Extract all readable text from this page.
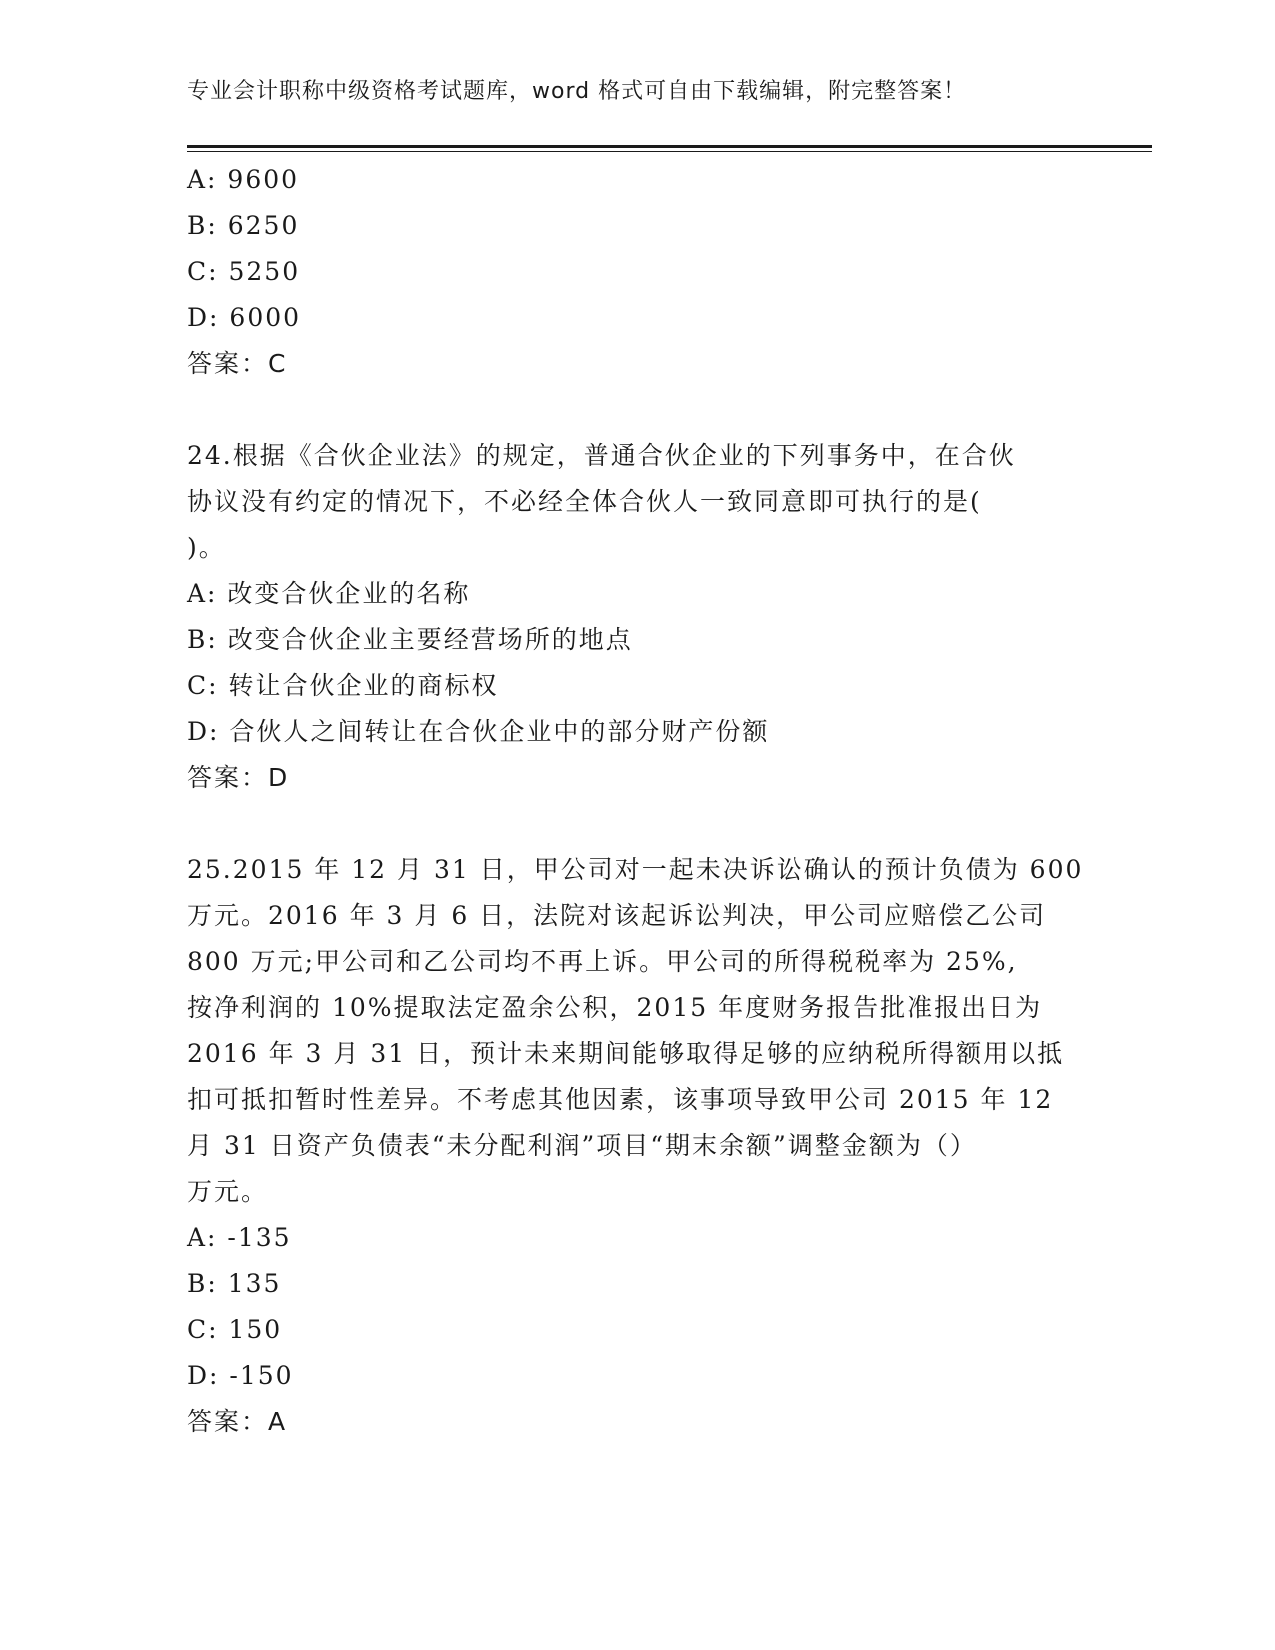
专业会计职称中级资格考试题库，word 格式可自由下载编辑，附完整答案！
A: 9600
B: 6250
C: 5250
D: 6000
答案：C
24.根据《合伙企业法》的规定，普通合伙企业的下列事务中，在合伙
协议没有约定的情况下，不必经全体合伙人一致同意即可执行的是(
)。
A: 改变合伙企业的名称
B: 改变合伙企业主要经营场所的地点
C: 转让合伙企业的商标权
D: 合伙人之间转让在合伙企业中的部分财产份额
答案：D
25.2015 年 12 月 31 日，甲公司对一起未决诉讼确认的预计负债为 600
万元。2016 年 3 月 6 日，法院对该起诉讼判决，甲公司应赔偿乙公司
800 万元;甲公司和乙公司均不再上诉。甲公司的所得税税率为 25%,
按净利润的 10%提取法定盈余公积，2015 年度财务报告批准报出日为
2016 年 3 月 31 日，预计未来期间能够取得足够的应纳税所得额用以抵
扣可抵扣暂时性差异。不考虑其他因素，该事项导致甲公司 2015 年 12
月 31 日资产负债表“未分配利润”项目“期末余额”调整金额为（）
万元。
A: -135
B: 135
C: 150
D: -150
答案：A
